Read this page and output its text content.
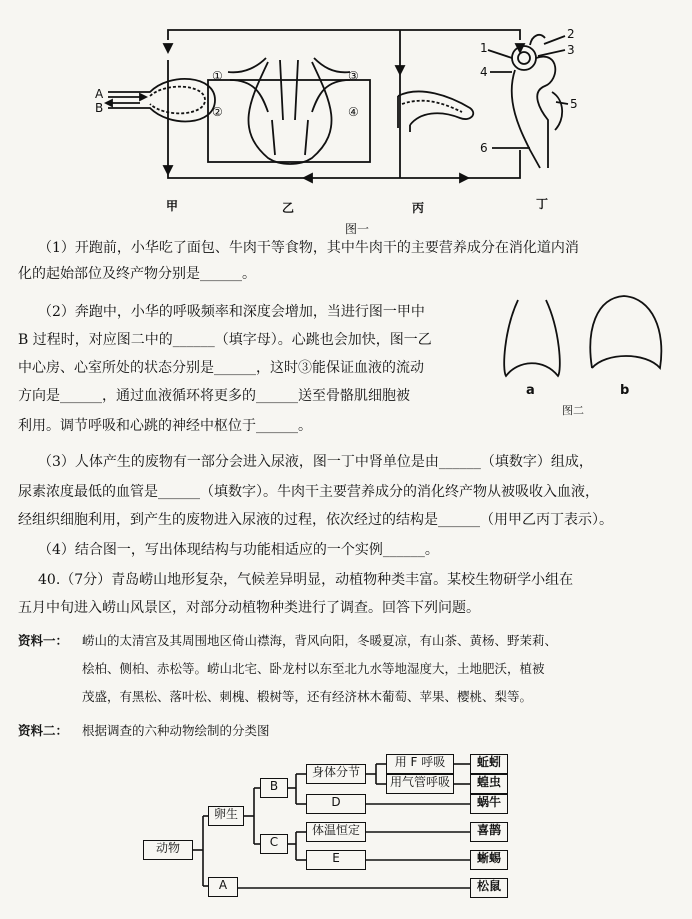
A
B
①
②
③
④
1
2
3
4
5
6
甲	乙	丙	丁
图一
（1）开跑前，小华吃了面包、牛肉干等食物，其中牛肉干的主要营养成分在消化道内消
化的起始部位及终产物分别是______。
（2）奔跑中，小华的呼吸频率和深度会增加，当进行图一甲中
B 过程时，对应图二中的______（填字母）。心跳也会加快，图一乙
中心房、心室所处的状态分别是______，这时③能保证血液的流动
方向是______，通过血液循环将更多的______送至骨骼肌细胞被
利用。调节呼吸和心跳的神经中枢位于______。
a	b
图二
（3）人体产生的废物有一部分会进入尿液，图一丁中肾单位是由______（填数字）组成，
尿素浓度最低的血管是______（填数字）。牛肉干主要营养成分的消化终产物从被吸收入血液，
经组织细胞利用，到产生的废物进入尿液的过程，依次经过的结构是______（用甲乙丙丁表示）。
（4）结合图一，写出体现结构与功能相适应的一个实例______。
40.（7分）青岛崂山地形复杂，气候差异明显，动植物种类丰富。某校生物研学小组在
五月中旬进入崂山风景区，对部分动植物种类进行了调查。回答下列问题。
资料一： 崂山的太清宫及其周围地区倚山襟海，背风向阳，冬暖夏凉，有山茶、黄杨、野茉莉、
桧柏、侧柏、赤松等。崂山北宅、卧龙村以东至北九水等地湿度大，土地肥沃，植被
茂盛，有黑松、落叶松、刺槐、椴树等，还有经济林木葡萄、苹果、樱桃、梨等。
资料二： 根据调查的六种动物绘制的分类图
动物
卵生
A
B
C
身体分节
D
体温恒定
E
用 F 呼吸
用气管呼吸
蚯蚓
蝗虫
蜗牛
喜鹊
蜥蜴
松鼠
